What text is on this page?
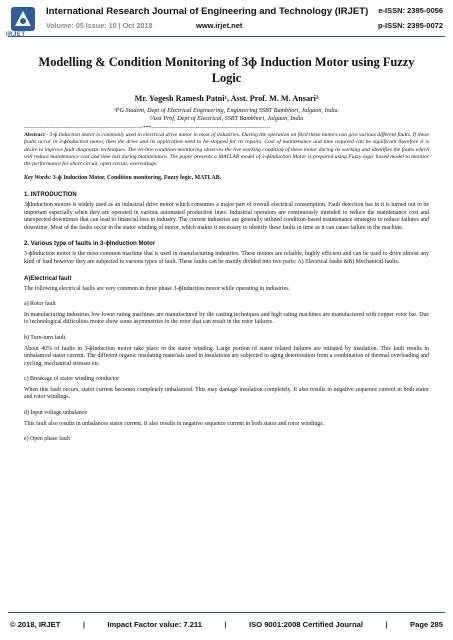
IRJET
International Research Journal of Engineering and Technology (IRJET) e-ISSN: 2395-0056
Volume: 05 Issue: 10 | Oct 2018	www.irjet.net	p-ISSN: 2395-0072
Modelling & Condition Monitoring of 3ɸ Induction Motor using Fuzzy Logic

Mr. Yogesh Ramesh Patni¹, Asst. Prof. M. M. Ansari²

¹PG Student, Dept of Electrical Engineering, Engineering SSBT Bambhori, Jalgaon, India.

²Asst Prof, Dept of Electrical, SSBT Bambhori, Jalgaon, India

---------------------------------------------------------------------***---------------------------------------------------------------------

Abstract - 3-ɸ Induction motor is commonly used in electrical drive motor in most of industries. During the operation on filed these motors can give various different faults. If these faults occur in 3-ɸInduction motor, then the drive and its application need to be stopped for its repairs. Cost of maintenance and time required can be significant therefore it is desire to improve fault diagnostic techniques. The on-line condition monitoring observes the live working condition of these motor during its working and identifies the faults which will reduce maintenance cost and time lost during maintenance. The paper presents a MATLAB model of 3-ɸInduction Motor is prepared using Fuzzy logic based model to monitor the performance for short circuit, open circuit, overvoltage.

Key Words: 3-ɸ Induction Motor, Condition monitoring, Fuzzy logic, MATLAB.

1. INTRODUCTION

3ɸInduction motors is widely used as an industrial drive motor which consumes a major part of overall electrical consumption. Fault detection has in it is turned out to be important especially when they are operated in various automated production lines. Industrial operators are continuously intended to reduce the maintenance cost and unexpected downtimes that can lead to financial loss in industry. The current industries are generally utilized condition-based maintenance strategies to reduce failures and downtime. Most of the faults occur in the stator winding of motor, which makes it necessary to identify these faults in time as it can cause failure in the machine.

2. Various type of faults in 3-ɸInduction Motor

3-ɸInduction motor is the most common machine that is used in manufacturing industries. These motors are reliable, highly efficient and can be used to drive almost any kind of load however they are subjected to various types of fault. These faults can be mainly divided into two parts: A) Electrical faults &B) Mechanical faults.

A)Electrical fault

The following electrical faults are very common in three phase 3-ɸInduction motor while operating in industries.

a) Rotor fault

In manufacturing industries low lower rating machines are manufactured by die casting techniques and high rating machines are manufactured with copper rotor bar. Due to technological difficulties motor show some asymmetries in the rotor that can result in the rotor failures.

b) Turn-turn fault

About 40% of faults in 3-ɸInduction motor take place in the stator winding. Large portion of stator related failures are initiated by insulation. This fault results in unbalanced stator current. The different organic insulating materials used in insulations are subjected to aging deterioration from a combination of thermal overloading and cycling, mechanical stresses etc

c) Breakage of stator winding conductor

When this fault occurs, stator current becomes completely unbalanced. This may damage insulation completely. It also results in negative sequence current in both stator and rotor windings.

d) Input voltage unbalance

This fault also results in unbalances stator current. It also results in negative sequence current in both stator and rotor windings.

e) Open phase fault
© 2018, IRJET	|	Impact Factor value: 7.211	|	ISO 9001:2008 Certified Journal	|	Page 285
